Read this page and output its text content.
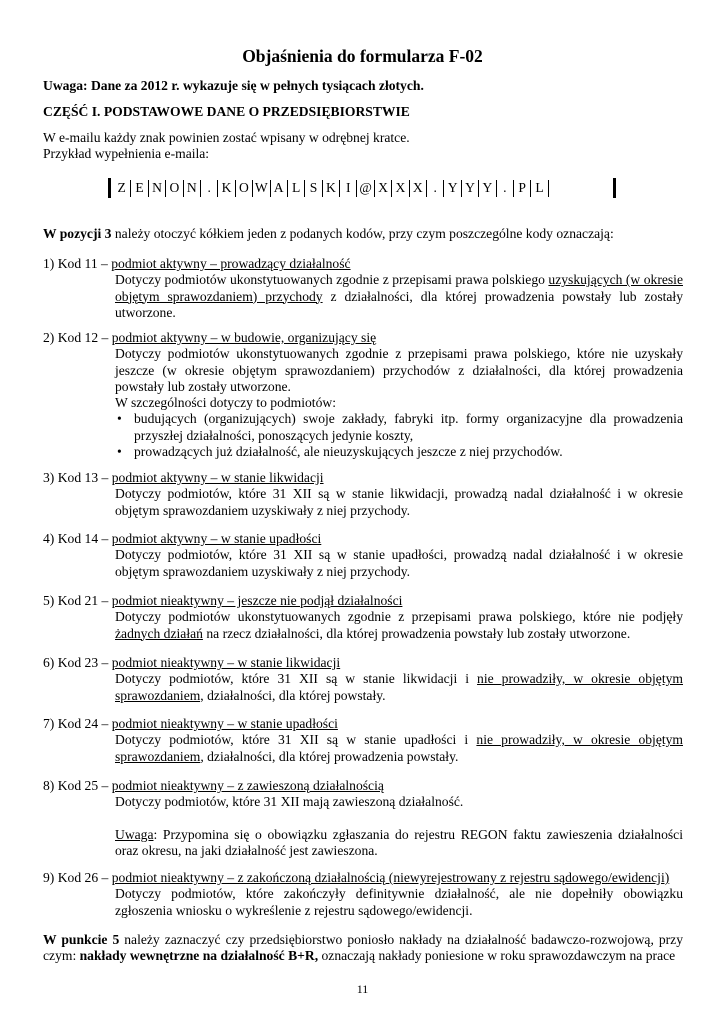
Objaśnienia do formularza F-02
Uwaga: Dane za 2012 r. wykazuje się w pełnych tysiącach złotych.
CZĘŚĆ I. PODSTAWOWE DANE O PRZEDSIĘBIORSTWIE
W e-mailu każdy znak powinien zostać wpisany w odrębnej kratce.
Przykład wypełnienia e-maila:
Z E N O N . K O W A L S K I @ X X X . Y Y Y . P L
W pozycji 3 należy otoczyć kółkiem jeden z podanych kodów, przy czym poszczególne kody oznaczają:
1) Kod 11 – podmiot aktywny – prowadzący działalność
Dotyczy podmiotów ukonstytuowanych zgodnie z przepisami prawa polskiego uzyskujących (w okresie objętym sprawozdaniem) przychody z działalności, dla której prowadzenia powstały lub zostały utworzone.
2) Kod 12 – podmiot aktywny – w budowie, organizujący się

Dotyczy podmiotów ukonstytuowanych zgodnie z przepisami prawa polskiego, które nie uzyskały jeszcze (w okresie objętym sprawozdaniem) przychodów z działalności, dla której prowadzenia powstały lub zostały utworzone.

W szczególności dotyczy to podmiotów:

• budujących (organizujących) swoje zakłady, fabryki itp. formy organizacyjne dla prowadzenia przyszłej działalności, ponoszących jedynie koszty,
• prowadzących już działalność, ale nieuzyskujących jeszcze z niej przychodów.
3) Kod 13 – podmiot aktywny – w stanie likwidacji
Dotyczy podmiotów, które 31 XII są w stanie likwidacji, prowadzą nadal działalność i w okresie objętym sprawozdaniem uzyskiwały z niej przychody.
4) Kod 14 – podmiot aktywny – w stanie upadłości
Dotyczy podmiotów, które 31 XII są w stanie upadłości, prowadzą nadal działalność i w okresie objętym sprawozdaniem uzyskiwały z niej przychody.
5) Kod 21 – podmiot nieaktywny – jeszcze nie podjął działalności
Dotyczy podmiotów ukonstytuowanych zgodnie z przepisami prawa polskiego, które nie podjęły żadnych działań na rzecz działalności, dla której prowadzenia powstały lub zostały utworzone.
6) Kod 23 – podmiot nieaktywny – w stanie likwidacji
Dotyczy podmiotów, które 31 XII są w stanie likwidacji i nie prowadziły, w okresie objętym sprawozdaniem, działalności, dla której powstały.
7) Kod 24 – podmiot nieaktywny – w stanie upadłości
Dotyczy podmiotów, które 31 XII są w stanie upadłości i nie prowadziły, w okresie objętym sprawozdaniem, działalności, dla której prowadzenia powstały.
8) Kod 25 – podmiot nieaktywny – z zawieszoną działalnością

Dotyczy podmiotów, które 31 XII mają zawieszoną działalność.

Uwaga: Przypomina się o obowiązku zgłaszania do rejestru REGON faktu zawieszenia działalności oraz okresu, na jaki działalność jest zawieszona.

9) Kod 26 – podmiot nieaktywny – z zakończoną działalnością (niewyrejestrowany z rejestru sądowego/ewidencji)
Dotyczy podmiotów, które zakończyły definitywnie działalność, ale nie dopełniły obowiązku zgłoszenia wniosku o wykreślenie z rejestru sądowego/ewidencji.
W punkcie 5 należy zaznaczyć czy przedsiębiorstwo poniosło nakłady na działalność badawczo-rozwojową, przy czym: nakłady wewnętrzne na działalność B+R, oznaczają nakłady poniesione w roku sprawozdawczym na prace
11
